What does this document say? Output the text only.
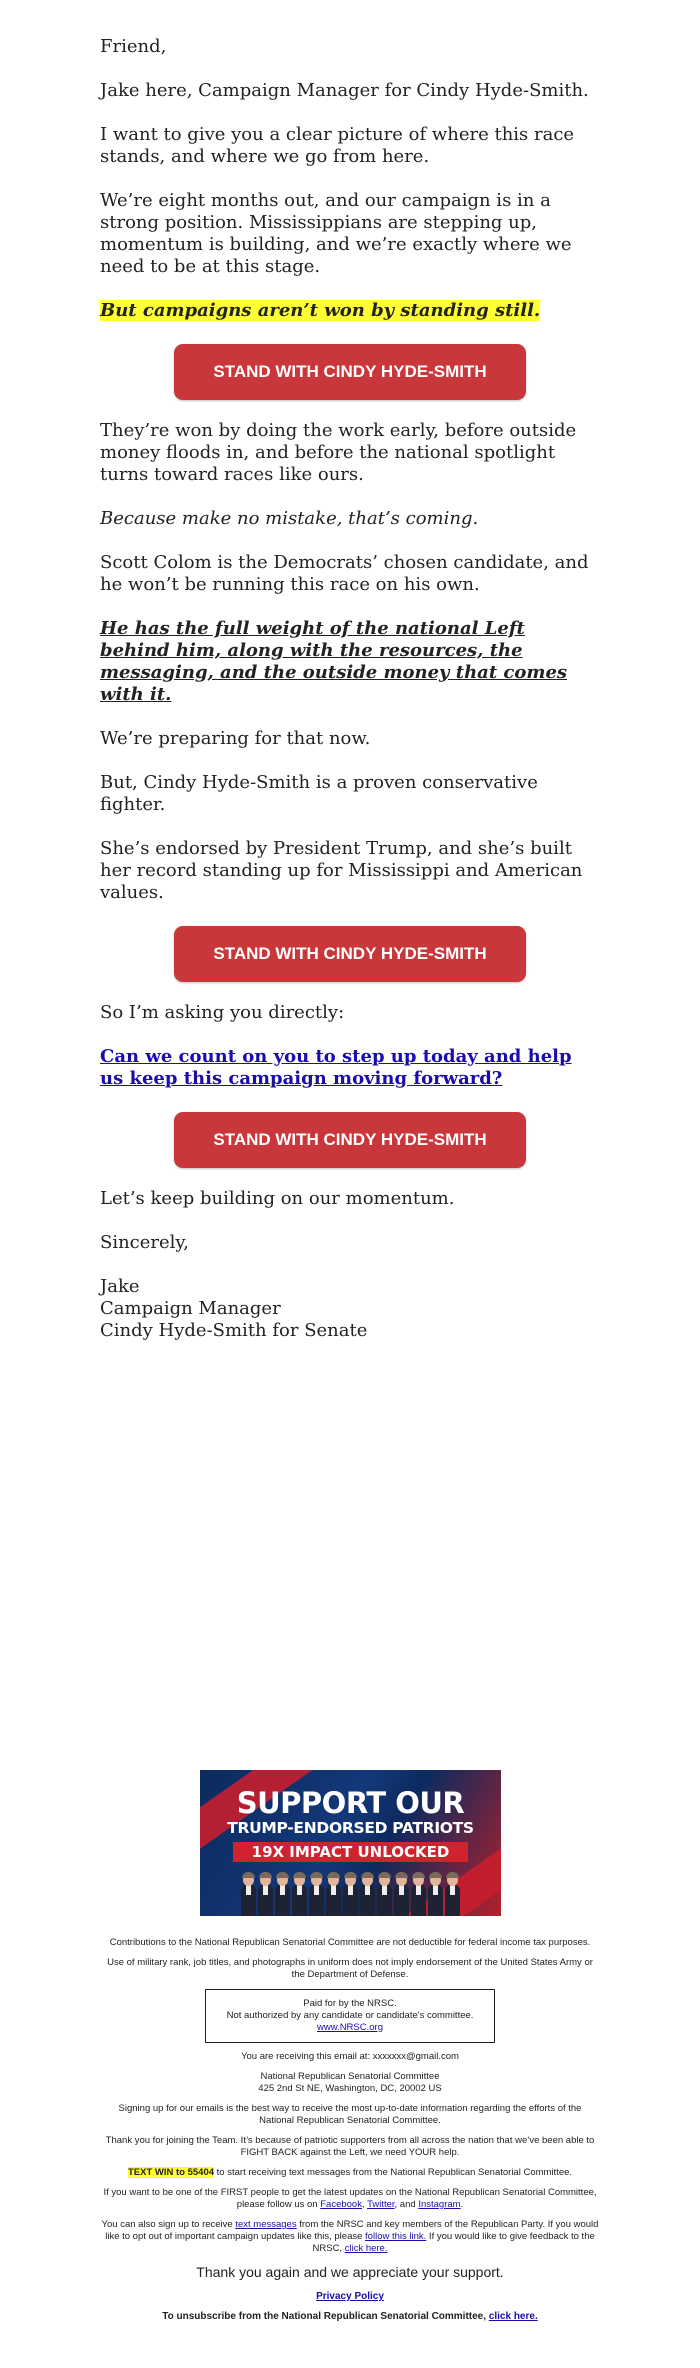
Friend,

Jake here, Campaign Manager for Cindy Hyde-Smith.

I want to give you a clear picture of where this race stands, and where we go from here.

We’re eight months out, and our campaign is in a strong position. Mississippians are stepping up, momentum is building, and we’re exactly where we need to be at this stage.

But campaigns aren’t won by standing still.

STAND WITH CINDY HYDE-SMITH

They’re won by doing the work early, before outside money floods in, and before the national spotlight turns toward races like ours.

Because make no mistake, that’s coming.

Scott Colom is the Democrats’ chosen candidate, and he won’t be running this race on his own.

He has the full weight of the national Left behind him, along with the resources, the messaging, and the outside money that comes with it.

We’re preparing for that now.

But, Cindy Hyde-Smith is a proven conservative fighter.

She’s endorsed by President Trump, and she’s built her record standing up for Mississippi and American values.

STAND WITH CINDY HYDE-SMITH

So I’m asking you directly:

Can we count on you to step up today and help us keep this campaign moving forward?

STAND WITH CINDY HYDE-SMITH

Let’s keep building on our momentum.

Sincerely,

Jake
Campaign Manager
Cindy Hyde-Smith for Senate

SUPPORT OUR
TRUMP-ENDORSED PATRIOTS
19X IMPACT UNLOCKED

Contributions to the National Republican Senatorial Committee are not deductible for federal income tax purposes.

Use of military rank, job titles, and photographs in uniform does not imply endorsement of the United States Army or the Department of Defense.

Paid for by the NRSC.

Not authorized by any candidate or candidate's committee.

www.NRSC.org

You are receiving this email at: xxxxxxx@gmail.com

National Republican Senatorial Committee
425 2nd St NE, Washington, DC, 20002 US

Signing up for our emails is the best way to receive the most up-to-date information regarding the efforts of the National Republican Senatorial Committee.

Thank you for joining the Team. It’s because of patriotic supporters from all across the nation that we’ve been able to FIGHT BACK against the Left, we need YOUR help.

TEXT WIN to 55404 to start receiving text messages from the National Republican Senatorial Committee.

If you want to be one of the FIRST people to get the latest updates on the National Republican Senatorial Committee, please follow us on Facebook, Twitter, and Instagram.

You can also sign up to receive text messages from the NRSC and key members of the Republican Party. If you would like to opt out of important campaign updates like this, please follow this link. If you would like to give feedback to the NRSC, click here.

Thank you again and we appreciate your support.

Privacy Policy

To unsubscribe from the National Republican Senatorial Committee, click here.
